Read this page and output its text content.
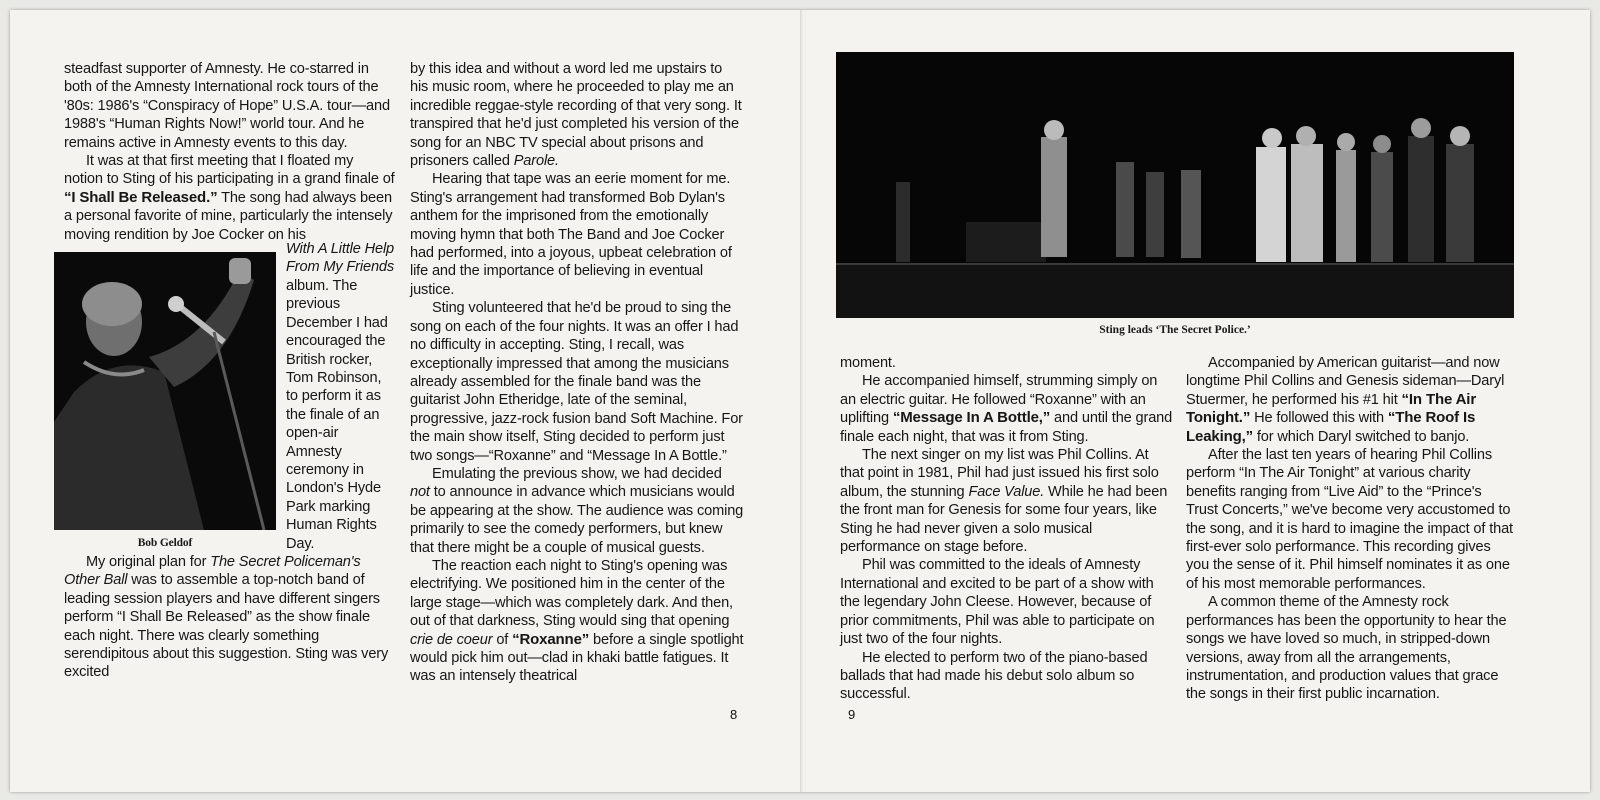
steadfast supporter of Amnesty. He co-starred in both of the Amnesty International rock tours of the '80s: 1986's “Conspiracy of Hope” U.S.A. tour—and 1988's “Human Rights Now!” world tour. And he remains active in Amnesty events to this day.

It was at that first meeting that I floated my notion to Sting of his participating in a grand finale of “I Shall Be Released.” The song had always been a personal favorite of mine, particularly the intensely moving rendition by Joe Cocker on his

Bob Geldof

With A Little Help From My Friends album. The previous December I had encouraged the British rocker, Tom Robinson, to perform it as the finale of an open-air Amnesty ceremony in London's Hyde Park marking Human Rights Day.

My original plan for The Secret Policeman's Other Ball was to assemble a top-notch band of leading session players and have different singers perform “I Shall Be Released” as the show finale each night. There was clearly something serendipitous about this suggestion. Sting was very excited

by this idea and without a word led me upstairs to his music room, where he proceeded to play me an incredible reggae-style recording of that very song. It transpired that he'd just completed his version of the song for an NBC TV special about prisons and prisoners called Parole.

Hearing that tape was an eerie moment for me. Sting's arrangement had transformed Bob Dylan's anthem for the imprisoned from the emotionally moving hymn that both The Band and Joe Cocker had performed, into a joyous, upbeat celebration of life and the importance of believing in eventual justice.

Sting volunteered that he'd be proud to sing the song on each of the four nights. It was an offer I had no difficulty in accepting. Sting, I recall, was exceptionally impressed that among the musicians already assembled for the finale band was the guitarist John Etheridge, late of the seminal, progressive, jazz-rock fusion band Soft Machine. For the main show itself, Sting decided to perform just two songs—“Roxanne” and “Message In A Bottle.”

Emulating the previous show, we had decided not to announce in advance which musicians would be appearing at the show. The audience was coming primarily to see the comedy performers, but knew that there might be a couple of musical guests.

The reaction each night to Sting's opening was electrifying. We positioned him in the center of the large stage—which was completely dark. And then, out of that darkness, Sting would sing that opening crie de coeur of “Roxanne” before a single spotlight would pick him out—clad in khaki battle fatigues. It was an intensely theatrical

8
Sting leads ‘The Secret Police.’

moment.

He accompanied himself, strumming simply on an electric guitar. He followed “Roxanne” with an uplifting “Message In A Bottle,” and until the grand finale each night, that was it from Sting.

The next singer on my list was Phil Collins. At that point in 1981, Phil had just issued his first solo album, the stunning Face Value. While he had been the front man for Genesis for some four years, like Sting he had never given a solo musical performance on stage before.

Phil was committed to the ideals of Amnesty International and excited to be part of a show with the legendary John Cleese. However, because of prior commitments, Phil was able to participate on just two of the four nights.

He elected to perform two of the piano-based ballads that had made his debut solo album so successful.

Accompanied by American guitarist—and now longtime Phil Collins and Genesis sideman—Daryl Stuermer, he performed his #1 hit “In The Air Tonight.” He followed this with “The Roof Is Leaking,” for which Daryl switched to banjo.

After the last ten years of hearing Phil Collins perform “In The Air Tonight” at various charity benefits ranging from “Live Aid” to the “Prince's Trust Concerts,” we've become very accustomed to the song, and it is hard to imagine the impact of that first-ever solo performance. This recording gives you the sense of it. Phil himself nominates it as one of his most memorable performances.

A common theme of the Amnesty rock performances has been the opportunity to hear the songs we have loved so much, in stripped-down versions, away from all the arrangements, instrumentation, and production values that grace the songs in their first public incarnation.

9
